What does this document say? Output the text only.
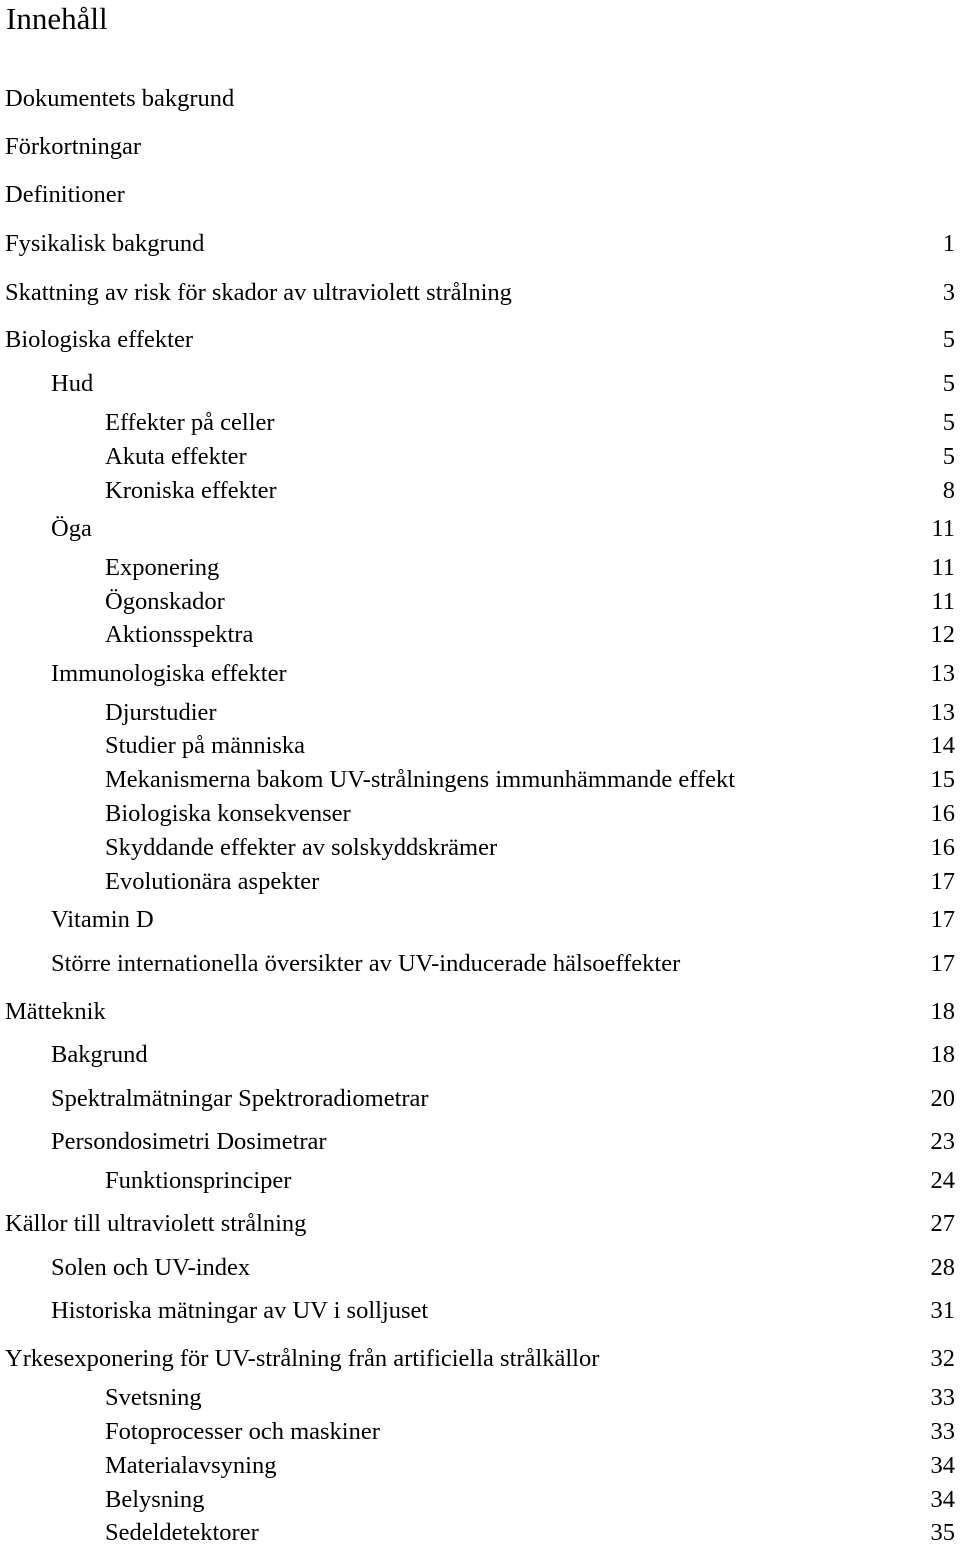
Innehåll
Dokumentets bakgrund
Förkortningar
Definitioner
Fysikalisk bakgrund	1
Skattning av risk för skador av ultraviolett strålning	3
Biologiska effekter	5
Hud	5
Effekter på celler	5
Akuta effekter	5
Kroniska effekter	8
Öga	11
Exponering	11
Ögonskador	11
Aktionsspektra	12
Immunologiska effekter	13
Djurstudier	13
Studier på människa	14
Mekanismerna bakom UV-strålningens immunhämmande effekt	15
Biologiska konsekvenser	16
Skyddande effekter av solskyddskrämer	16
Evolutionära aspekter	17
Vitamin D	17
Större internationella översikter av UV-inducerade hälsoeffekter	17
Mätteknik	18
Bakgrund	18
Spektralmätningar Spektroradiometrar	20
Persondosimetri Dosimetrar	23
Funktionsprinciper	24
Källor till ultraviolett strålning	27
Solen och UV-index	28
Historiska mätningar av UV i solljuset	31
Yrkesexponering för UV-strålning från artificiella strålkällor	32
Svetsning	33
Fotoprocesser och maskiner	33
Materialavsyning	34
Belysning	34
Sedeldetektorer	35
